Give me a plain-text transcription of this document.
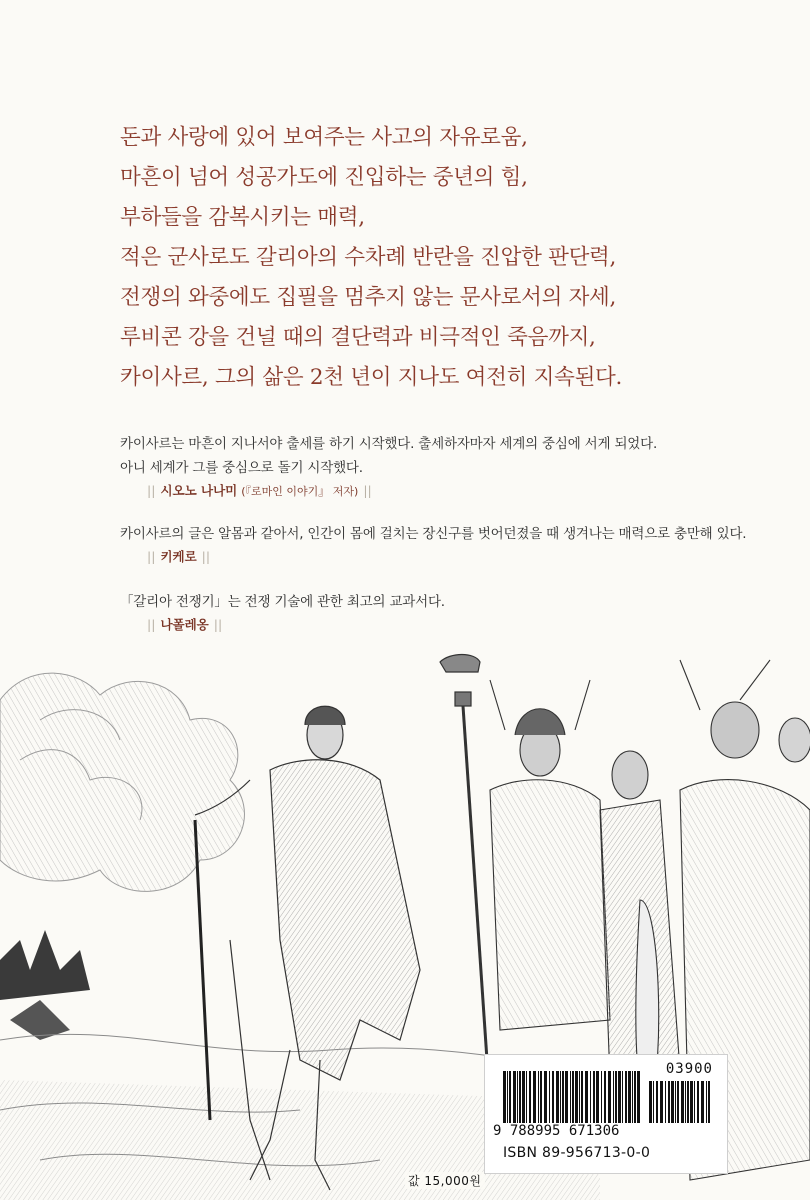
돈과 사랑에 있어 보여주는 사고의 자유로움,
마흔이 넘어 성공가도에 진입하는 중년의 힘,
부하들을 감복시키는 매력,
적은 군사로도 갈리아의 수차례 반란을 진압한 판단력,
전쟁의 와중에도 집필을 멈추지 않는 문사로서의 자세,
루비콘 강을 건널 때의 결단력과 비극적인 죽음까지,
카이사르, 그의 삶은 2천 년이 지나도 여전히 지속된다.
카이사르는 마흔이 지나서야 출세를 하기 시작했다. 출세하자마자 세계의 중심에 서게 되었다.
아니 세계가 그를 중심으로 돌기 시작했다.
|| 시오노 나나미 (『로마인 이야기』 저자) ||
카이사르의 글은 알몸과 같아서, 인간이 몸에 걸치는 장신구를 벗어던졌을 때 생겨나는 매력으로 충만해 있다.
|| 키케로 ||
「갈리아 전쟁기」는 전쟁 기술에 관한 최고의 교과서다.
|| 나폴레옹 ||
값 15,000원
03900
9 788995 671306
ISBN 89-956713-0-0
